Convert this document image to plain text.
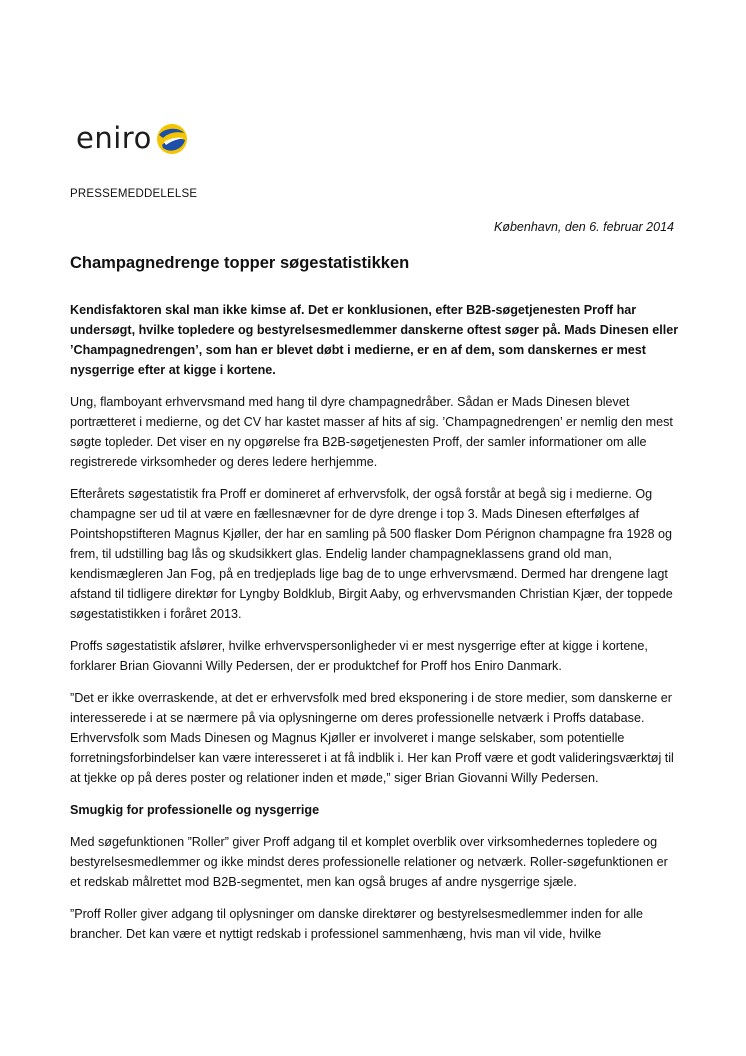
eniro
PRESSEMEDDELELSE
København, den 6. februar 2014
Champagnedrenge topper søgestatistikken

Kendisfaktoren skal man ikke kimse af. Det er konklusionen, efter B2B-søgetjenesten Proff har undersøgt, hvilke topledere og bestyrelsesmedlemmer danskerne oftest søger på. Mads Dinesen eller ’Champagnedrengen’, som han er blevet døbt i medierne, er en af dem, som danskernes er mest nysgerrige efter at kigge i kortene.

Ung, flamboyant erhvervsmand med hang til dyre champagnedråber. Sådan er Mads Dinesen blevet portrætteret i medierne, og det CV har kastet masser af hits af sig. ’Champagnedrengen’ er nemlig den mest søgte topleder. Det viser en ny opgørelse fra B2B-søgetjenesten Proff, der samler informationer om alle registrerede virksomheder og deres ledere herhjemme.

Efterårets søgestatistik fra Proff er domineret af erhvervsfolk, der også forstår at begå sig i medierne. Og champagne ser ud til at være en fællesnævner for de dyre drenge i top 3. Mads Dinesen efterfølges af Pointshopstifteren Magnus Kjøller, der har en samling på 500 flasker Dom Pérignon champagne fra 1928 og frem, til udstilling bag lås og skudsikkert glas. Endelig lander champagneklassens grand old man, kendismægleren Jan Fog, på en tredjeplads lige bag de to unge erhvervsmænd. Dermed har drengene lagt afstand til tidligere direktør for Lyngby Boldklub, Birgit Aaby, og erhvervsmanden Christian Kjær, der toppede søgestatistikken i foråret 2013.

Proffs søgestatistik afslører, hvilke erhvervspersonligheder vi er mest nysgerrige efter at kigge i kortene, forklarer Brian Giovanni Willy Pedersen, der er produktchef for Proff hos Eniro Danmark.

”Det er ikke overraskende, at det er erhvervsfolk med bred eksponering i de store medier, som danskerne er interesserede i at se nærmere på via oplysningerne om deres professionelle netværk i Proffs database. Erhvervsfolk som Mads Dinesen og Magnus Kjøller er involveret i mange selskaber, som potentielle forretningsforbindelser kan være interesseret i at få indblik i. Her kan Proff være et godt valideringsværktøj til at tjekke op på deres poster og relationer inden et møde,” siger Brian Giovanni Willy Pedersen.

Smugkig for professionelle og nysgerrige

Med søgefunktionen ”Roller” giver Proff adgang til et komplet overblik over virksomhedernes topledere og bestyrelsesmedlemmer og ikke mindst deres professionelle relationer og netværk. Roller-søgefunktionen er et redskab målrettet mod B2B-segmentet, men kan også bruges af andre nysgerrige sjæle.

”Proff Roller giver adgang til oplysninger om danske direktører og bestyrelsesmedlemmer inden for alle brancher. Det kan være et nyttigt redskab i professionel sammenhæng, hvis man vil vide, hvilke
